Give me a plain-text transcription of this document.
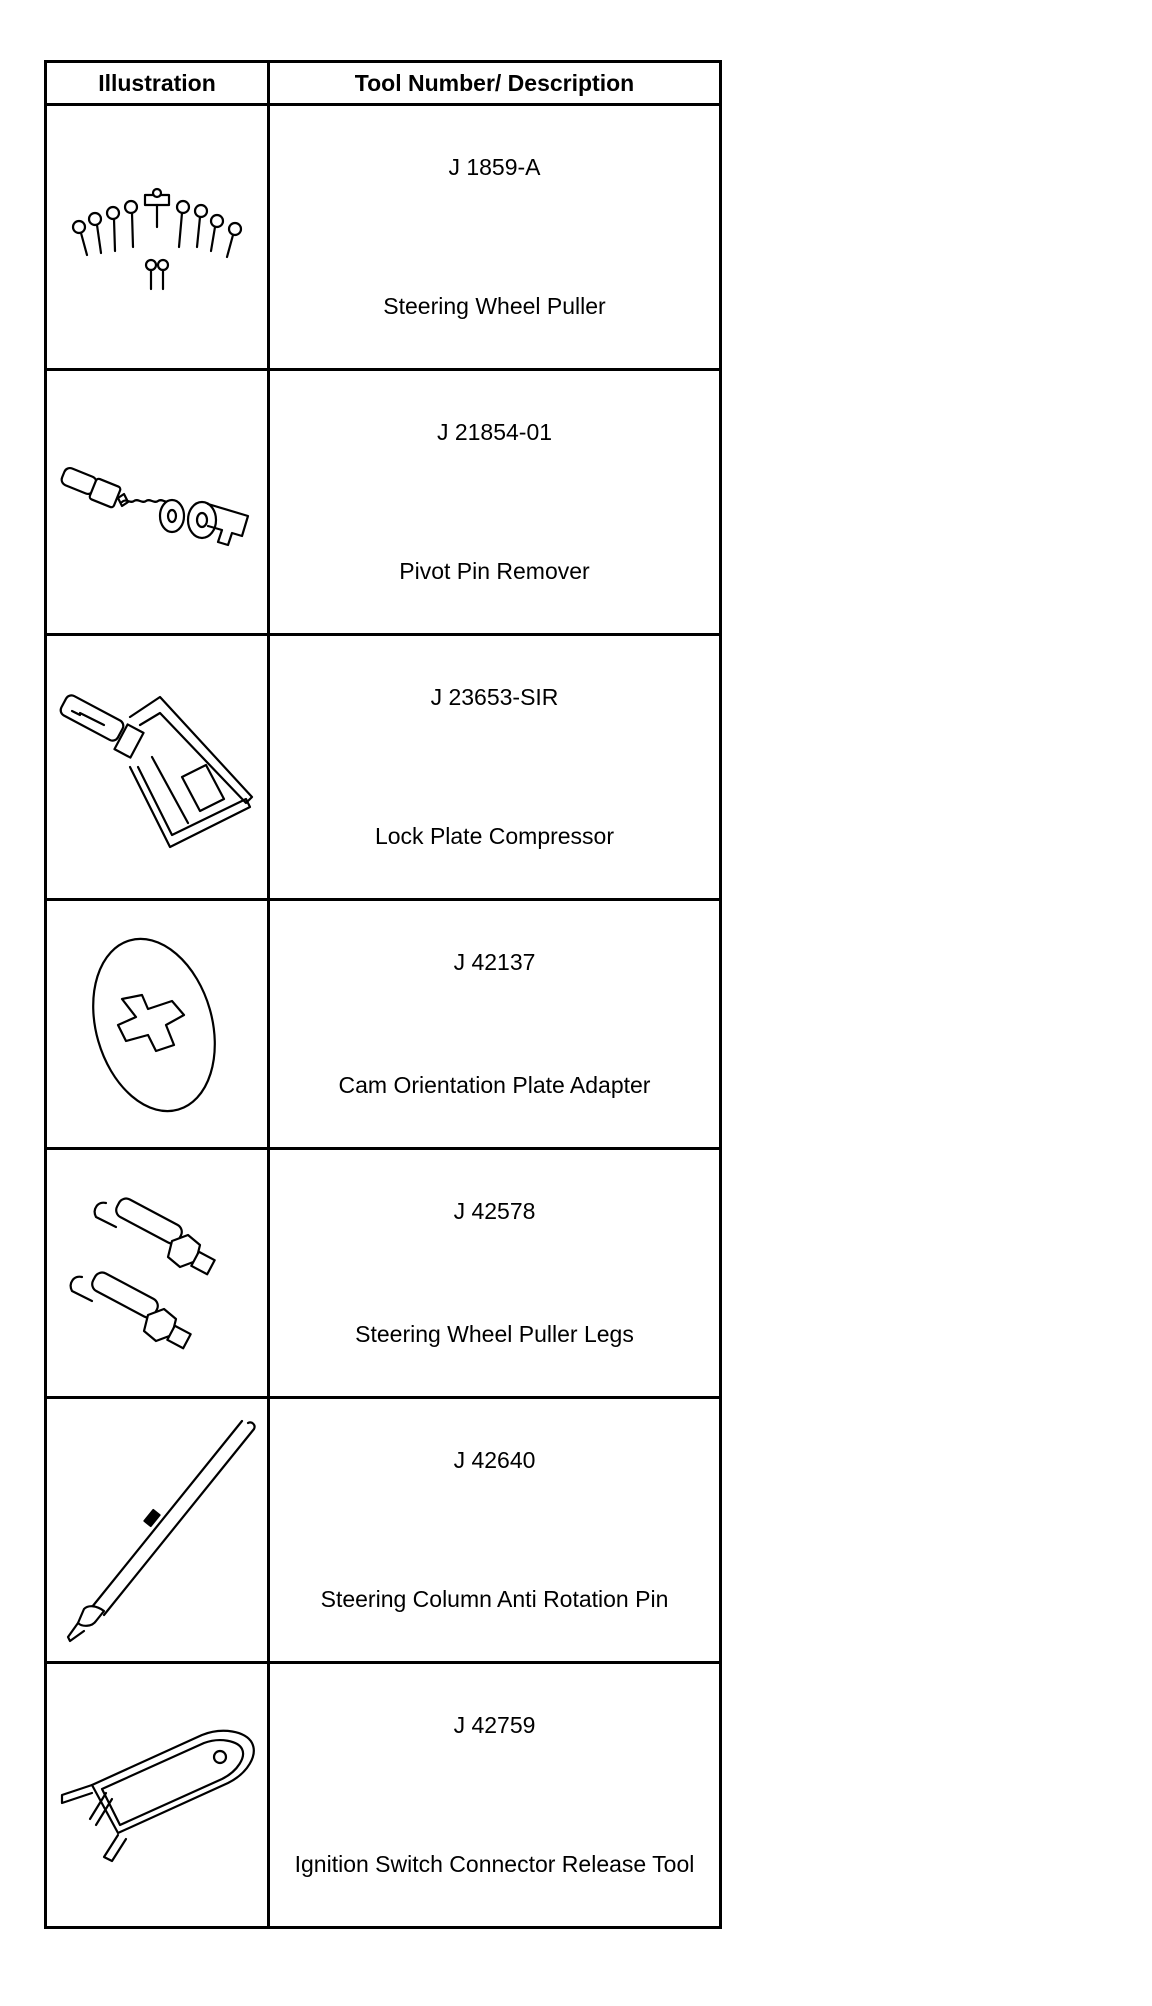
Illustration	Tool Number/ Description

J 1859-A
Steering Wheel Puller

J 21854-01
Pivot Pin Remover

J 23653-SIR
Lock Plate Compressor

J 42137
Cam Orientation Plate Adapter

J 42578
Steering Wheel Puller Legs

J 42640
Steering Column Anti Rotation Pin

J 42759
Ignition Switch Connector Release Tool
